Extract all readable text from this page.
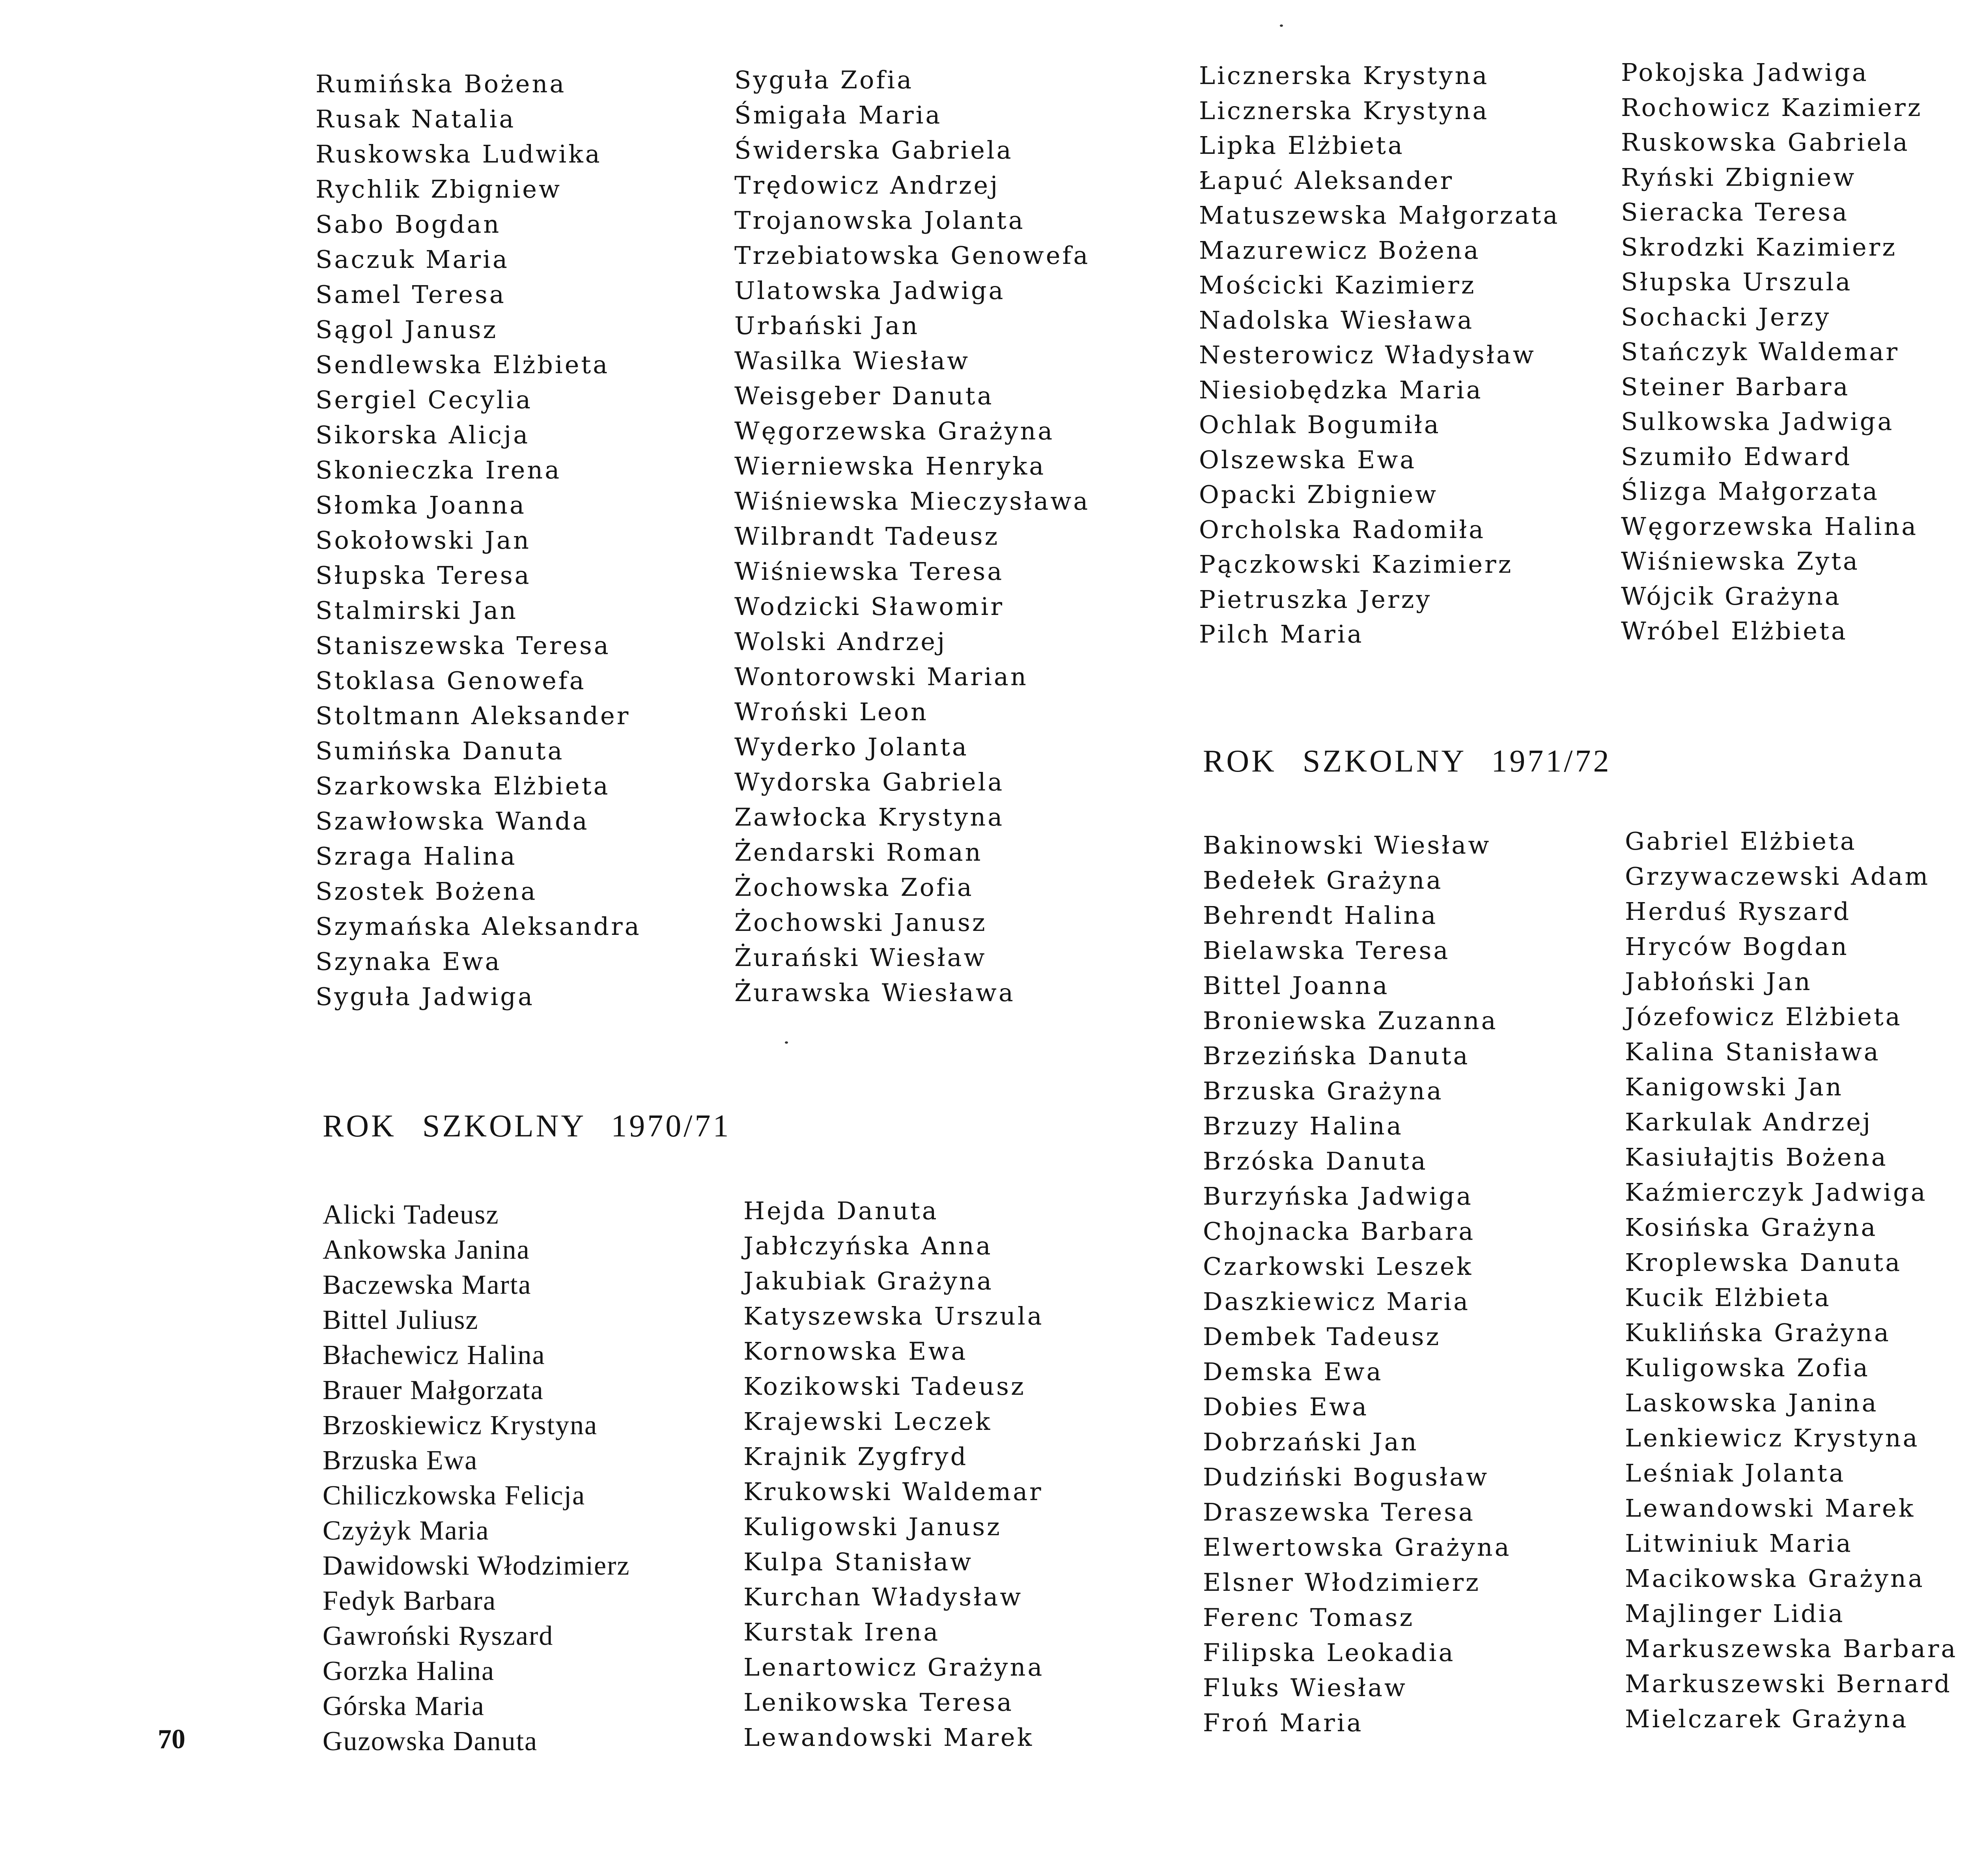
Rumińska Bożena
Rusak Natalia
Ruskowska Ludwika
Rychlik Zbigniew
Sabo Bogdan
Saczuk Maria
Samel Teresa
Sągol Janusz
Sendlewska Elżbieta
Sergiel Cecylia
Sikorska Alicja
Skonieczka Irena
Słomka Joanna
Sokołowski Jan
Słupska Teresa
Stalmirski Jan
Staniszewska Teresa
Stoklasa Genowefa
Stoltmann Aleksander
Sumińska Danuta
Szarkowska Elżbieta
Szawłowska Wanda
Szraga Halina
Szostek Bożena
Szymańska Aleksandra
Szynaka Ewa
Syguła Jadwiga
Syguła Zofia
Śmigała Maria
Świderska Gabriela
Trędowicz Andrzej
Trojanowska Jolanta
Trzebiatowska Genowefa
Ulatowska Jadwiga
Urbański Jan
Wasilka Wiesław
Weisgeber Danuta
Węgorzewska Grażyna
Wierniewska Henryka
Wiśniewska Mieczysława
Wilbrandt Tadeusz
Wiśniewska Teresa
Wodzicki Sławomir
Wolski Andrzej
Wontorowski Marian
Wroński Leon
Wyderko Jolanta
Wydorska Gabriela
Zawłocka Krystyna
Żendarski Roman
Żochowska Zofia
Żochowski Janusz
Żurański Wiesław
Żurawska Wiesława
Licznerska Krystyna
Licznerska Krystyna
Lipka Elżbieta
Łapuć Aleksander
Matuszewska Małgorzata
Mazurewicz Bożena
Mościcki Kazimierz
Nadolska Wiesława
Nesterowicz Władysław
Niesiobędzka Maria
Ochlak Bogumiła
Olszewska Ewa
Opacki Zbigniew
Orcholska Radomiła
Pączkowski Kazimierz
Pietruszka Jerzy
Pilch Maria
Pokojska Jadwiga
Rochowicz Kazimierz
Ruskowska Gabriela
Ryński Zbigniew
Sieracka Teresa
Skrodzki Kazimierz
Słupska Urszula
Sochacki Jerzy
Stańczyk Waldemar
Steiner Barbara
Sulkowska Jadwiga
Szumiło Edward
Ślizga Małgorzata
Węgorzewska Halina
Wiśniewska Zyta
Wójcik Grażyna
Wróbel Elżbieta
ROK SZKOLNY 1970/71
Alicki Tadeusz
Ankowska Janina
Baczewska Marta
Bittel Juliusz
Błachewicz Halina
Brauer Małgorzata
Brzoskiewicz Krystyna
Brzuska Ewa
Chiliczkowska Felicja
Czyżyk Maria
Dawidowski Włodzimierz
Fedyk Barbara
Gawroński Ryszard
Gorzka Halina
Górska Maria
Guzowska Danuta
Hejda Danuta
Jabłczyńska Anna
Jakubiak Grażyna
Katyszewska Urszula
Kornowska Ewa
Kozikowski Tadeusz
Krajewski Leczek
Krajnik Zygfryd
Krukowski Waldemar
Kuligowski Janusz
Kulpa Stanisław
Kurchan Władysław
Kurstak Irena
Lenartowicz Grażyna
Lenikowska Teresa
Lewandowski Marek
ROK SZKOLNY 1971/72
Bakinowski Wiesław
Bedełek Grażyna
Behrendt Halina
Bielawska Teresa
Bittel Joanna
Broniewska Zuzanna
Brzezińska Danuta
Brzuska Grażyna
Brzuzy Halina
Brzóska Danuta
Burzyńska Jadwiga
Chojnacka Barbara
Czarkowski Leszek
Daszkiewicz Maria
Dembek Tadeusz
Demska Ewa
Dobies Ewa
Dobrzański Jan
Dudziński Bogusław
Draszewska Teresa
Elwertowska Grażyna
Elsner Włodzimierz
Ferenc Tomasz
Filipska Leokadia
Fluks Wiesław
Froń Maria
Gabriel Elżbieta
Grzywaczewski Adam
Herduś Ryszard
Hryców Bogdan
Jabłoński Jan
Józefowicz Elżbieta
Kalina Stanisława
Kanigowski Jan
Karkulak Andrzej
Kasiułajtis Bożena
Kaźmierczyk Jadwiga
Kosińska Grażyna
Kroplewska Danuta
Kucik Elżbieta
Kuklińska Grażyna
Kuligowska Zofia
Laskowska Janina
Lenkiewicz Krystyna
Leśniak Jolanta
Lewandowski Marek
Litwiniuk Maria
Macikowska Grażyna
Majlinger Lidia
Markuszewska Barbara
Markuszewski Bernard
Mielczarek Grażyna
70
